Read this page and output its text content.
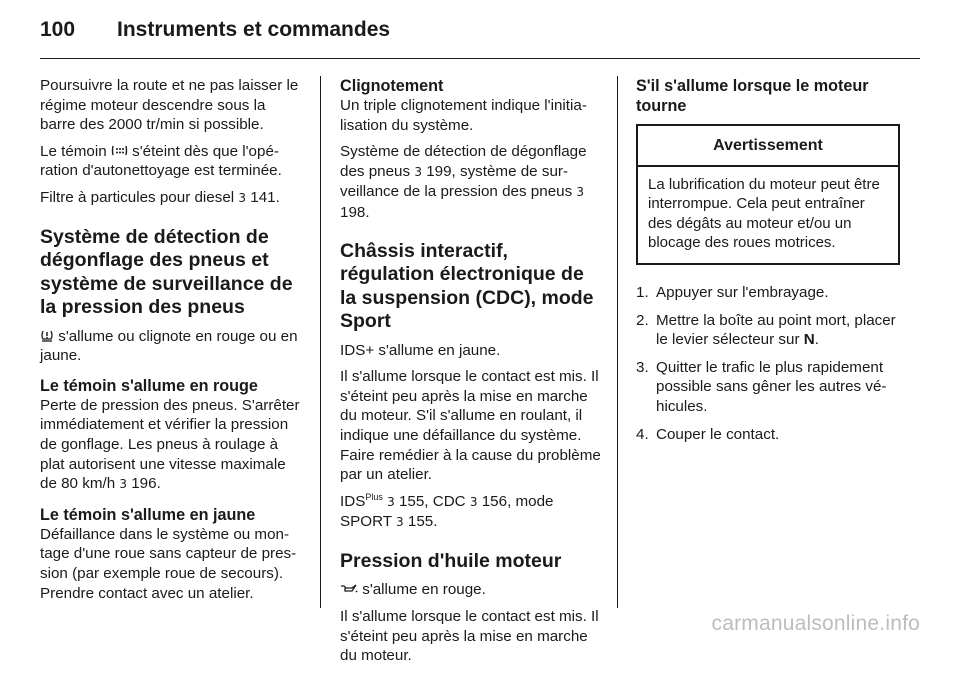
100 Instruments et commandes

Poursuivre la route et ne pas laisser le régime moteur descendre sous la barre des 2000 tr/min si possible.

Le témoin  s'éteint dès que l'opération d'autonettoyage est terminée.

Filtre à particules pour diesel 3 141.

Système de détection de dégonflage des pneus et système de surveillance de la pression des pneus

s'allume ou clignote en rouge ou en jaune.

Le témoin s'allume en rouge

Perte de pression des pneus. S'arrêter immédiatement et vérifier la pression de gonflage. Les pneus à roulage à plat autorisent une vitesse maximale de 80 km/h 3 196.

Le témoin s'allume en jaune

Défaillance dans le système ou montage d'une roue sans capteur de pression (par exemple roue de secours). Prendre contact avec un atelier.

Clignotement

Un triple clignotement indique l'initialisation du système.

Système de détection de dégonflage des pneus 3 199, système de surveillance de la pression des pneus 3 198.

Châssis interactif, régulation électronique de la suspension (CDC), mode Sport

IDS+ s'allume en jaune.

Il s'allume lorsque le contact est mis. Il s'éteint peu après la mise en marche du moteur. S'il s'allume en roulant, il indique une défaillance du système. Faire remédier à la cause du problème par un atelier.

$IDS^{Plus}$ 3 155, CDC 3 156, mode SPORT 3 155.

Pression d'huile moteur

s'allume en rouge.

Il s'allume lorsque le contact est mis. Il s'éteint peu après la mise en marche du moteur.

S'il s'allume lorsque le moteur tourne
Avertissement
La lubrification du moteur peut être interrompue. Cela peut entraîner des dégâts au moteur et/ou un blocage des roues motrices.
1. Appuyer sur l'embrayage.
2. Mettre la boîte au point mort, placer le levier sélecteur sur N.
3. Quitter le trafic le plus rapidement possible sans gêner les autres véhicules.
4. Couper le contact.
carmanualsonline.info
